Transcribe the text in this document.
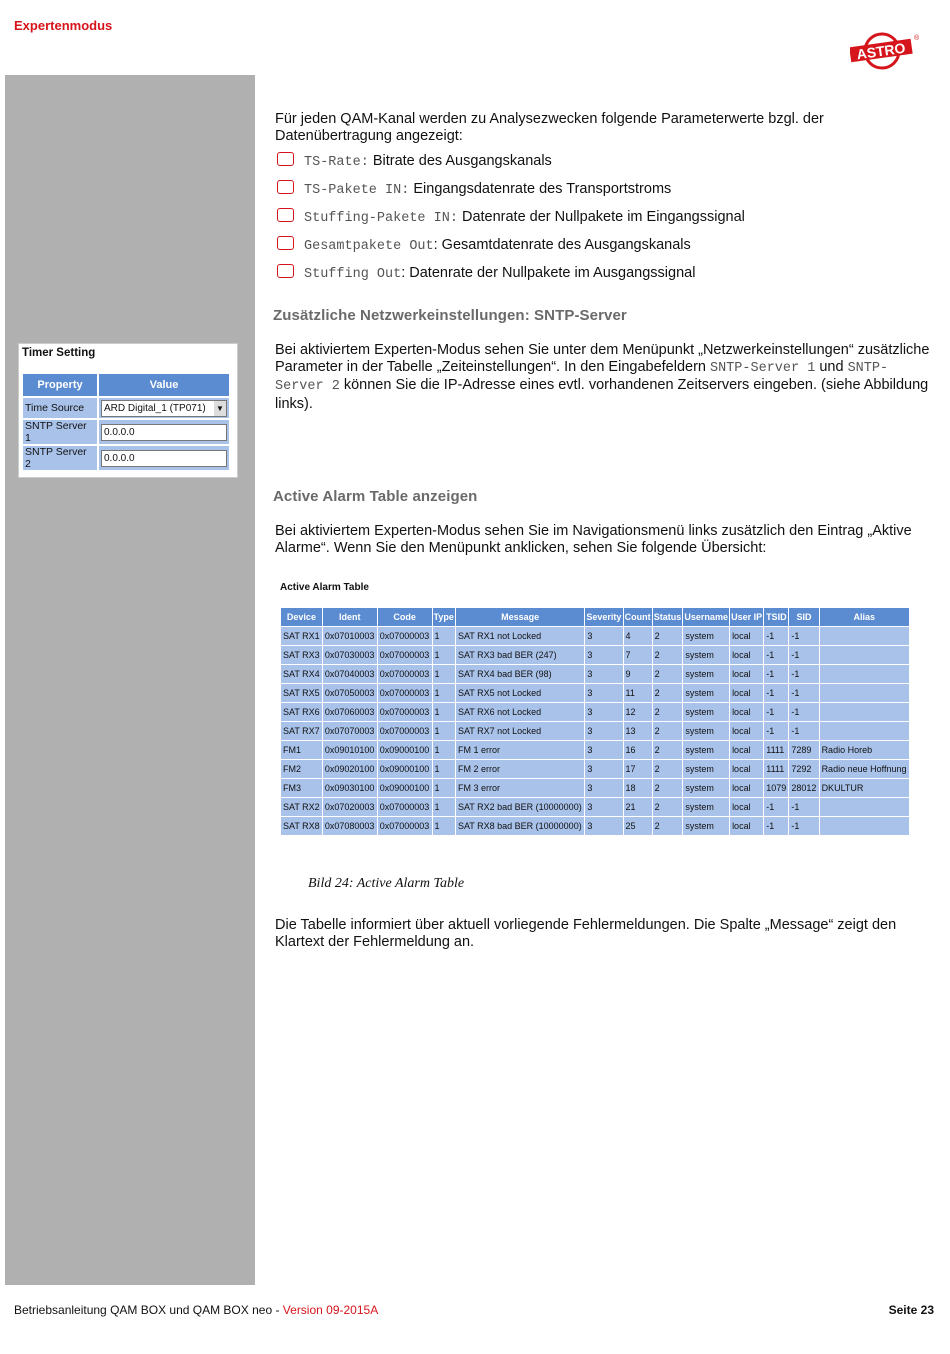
Expertenmodus
ASTRO
®
Für jeden QAM-Kanal werden zu Analysezwecken folgende Parameterwerte bzgl. der Datenübertragung angezeigt:
TS-Rate: Bitrate des Ausgangskanals
TS-Pakete IN: Eingangsdatenrate des Transportstroms
Stuffing-Pakete IN: Datenrate der Nullpakete im Eingangssignal
Gesamtpakete Out: Gesamtdatenrate des Ausgangskanals
Stuffing Out: Datenrate der Nullpakete im Ausgangssignal
Zusätzliche Netzwerkeinstellungen: SNTP-Server
Bei aktiviertem Experten-Modus sehen Sie unter dem Menüpunkt „Netzwerkeinstellungen“ zusätzliche Parameter in der Tabelle „Zeiteinstellungen“. In den Eingabefeldern SNTP-Server 1 und SNTP-Server 2 können Sie die IP-Adresse eines evtl. vorhandenen Zeitservers eingeben. (siehe Abbildung links).
Timer Setting
Property	Value
Time Source	ARD Digital_1 (TP071) ▼

SNTP Server 1	0.0.0.0
SNTP Server 2	0.0.0.0
Active Alarm Table anzeigen
Bei aktiviertem Experten-Modus sehen Sie im Navigationsmenü links zusätzlich den Eintrag „Aktive Alarme“. Wenn Sie den Menüpunkt anklicken, sehen Sie folgende Übersicht:
Active Alarm Table
Device	Ident	Code	Type	Message	Severity	Count	Status	Username	User IP	TSID	SID	Alias
SAT RX1	0x07010003	0x07000003	1	SAT RX1 not Locked	3	4	2	system	local	-1	-1	
SAT RX3	0x07030003	0x07000003	1	SAT RX3 bad BER (247)	3	7	2	system	local	-1	-1	
SAT RX4	0x07040003	0x07000003	1	SAT RX4 bad BER (98)	3	9	2	system	local	-1	-1	
SAT RX5	0x07050003	0x07000003	1	SAT RX5 not Locked	3	11	2	system	local	-1	-1	
SAT RX6	0x07060003	0x07000003	1	SAT RX6 not Locked	3	12	2	system	local	-1	-1	
SAT RX7	0x07070003	0x07000003	1	SAT RX7 not Locked	3	13	2	system	local	-1	-1	
FM1	0x09010100	0x09000100	1	FM 1 error	3	16	2	system	local	1111	7289	Radio Horeb
FM2	0x09020100	0x09000100	1	FM 2 error	3	17	2	system	local	1111	7292	Radio neue Hoffnung
FM3	0x09030100	0x09000100	1	FM 3 error	3	18	2	system	local	1079	28012	DKULTUR
SAT RX2	0x07020003	0x07000003	1	SAT RX2 bad BER (10000000)	3	21	2	system	local	-1	-1	
SAT RX8	0x07080003	0x07000003	1	SAT RX8 bad BER (10000000)	3	25	2	system	local	-1	-1	
Bild 24: Active Alarm Table
Die Tabelle informiert über aktuell vorliegende Fehlermeldungen. Die Spalte „Message“ zeigt den Klartext der Fehlermeldung an.
Betriebsanleitung QAM BOX und QAM BOX neo - Version 09-2015A	Seite 23
